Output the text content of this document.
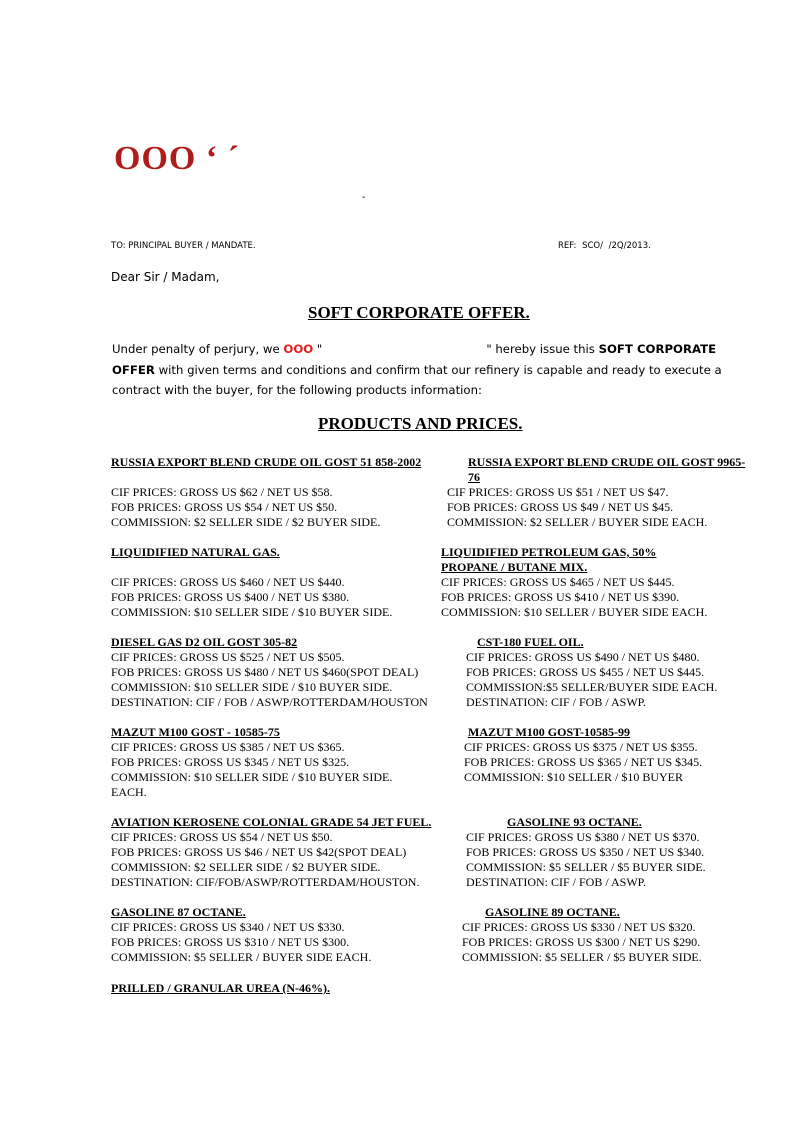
OOO ‘ ´
-
TO: PRINCIPAL BUYER / MANDATE.	REF: SCO/ /2Q/2013.
Dear Sir / Madam,
SOFT CORPORATE OFFER.
Under penalty of perjury, we OOO "	" hereby issue this SOFT CORPORATE OFFER with given terms and conditions and confirm that our refinery is capable and ready to execute a contract with the buyer, for the following products information:
PRODUCTS AND PRICES.
RUSSIA EXPORT BLEND CRUDE OIL GOST 51 858-2002
CIF PRICES: GROSS US $62 / NET US $58.
FOB PRICES: GROSS US $54 / NET US $50.
COMMISSION: $2 SELLER SIDE / $2 BUYER SIDE.
RUSSIA EXPORT BLEND CRUDE OIL GOST 9965-76
CIF PRICES: GROSS US $51 / NET US $47.
FOB PRICES: GROSS US $49 / NET US $45.
COMMISSION: $2 SELLER / BUYER SIDE EACH.
LIQUIDIFIED NATURAL GAS.
CIF PRICES: GROSS US $460 / NET US $440.
FOB PRICES: GROSS US $400 / NET US $380.
COMMISSION: $10 SELLER SIDE / $10 BUYER SIDE.
LIQUIDIFIED PETROLEUM GAS, 50% PROPANE / BUTANE MIX.
CIF PRICES: GROSS US $465 / NET US $445.
FOB PRICES: GROSS US $410 / NET US $390.
COMMISSION: $10 SELLER / BUYER SIDE EACH.
DIESEL GAS D2 OIL GOST 305-82
CIF PRICES: GROSS US $525 / NET US $505.
FOB PRICES: GROSS US $480 / NET US $460(SPOT DEAL)
COMMISSION: $10 SELLER SIDE / $10 BUYER SIDE.
DESTINATION: CIF / FOB / ASWP/ROTTERDAM/HOUSTON
CST-180 FUEL OIL.
CIF PRICES: GROSS US $490 / NET US $480.
FOB PRICES: GROSS US $455 / NET US $445.
COMMISSION:$5 SELLER/BUYER SIDE EACH.
DESTINATION: CIF / FOB / ASWP.
MAZUT M100 GOST - 10585-75
CIF PRICES: GROSS US $385 / NET US $365.
FOB PRICES: GROSS US $345 / NET US $325.
COMMISSION: $10 SELLER SIDE / $10 BUYER SIDE.
EACH.
MAZUT M100 GOST-10585-99
CIF PRICES: GROSS US $375 / NET US $355.
FOB PRICES: GROSS US $365 / NET US $345.
COMMISSION: $10 SELLER / $10 BUYER
AVIATION KEROSENE COLONIAL GRADE 54 JET FUEL.
CIF PRICES: GROSS US $54 / NET US $50.
FOB PRICES: GROSS US $46 / NET US $42(SPOT DEAL)
COMMISSION: $2 SELLER SIDE / $2 BUYER SIDE.
DESTINATION: CIF/FOB/ASWP/ROTTERDAM/HOUSTON.
GASOLINE 93 OCTANE.
CIF PRICES: GROSS US $380 / NET US $370.
FOB PRICES: GROSS US $350 / NET US $340.
COMMISSION: $5 SELLER / $5 BUYER SIDE.
DESTINATION: CIF / FOB / ASWP.
GASOLINE 87 OCTANE.
CIF PRICES: GROSS US $340 / NET US $330.
FOB PRICES: GROSS US $310 / NET US $300.
COMMISSION: $5 SELLER / BUYER SIDE EACH.
GASOLINE 89 OCTANE.
CIF PRICES: GROSS US $330 / NET US $320.
FOB PRICES: GROSS US $300 / NET US $290.
COMMISSION: $5 SELLER / $5 BUYER SIDE.
PRILLED / GRANULAR UREA (N-46%).
